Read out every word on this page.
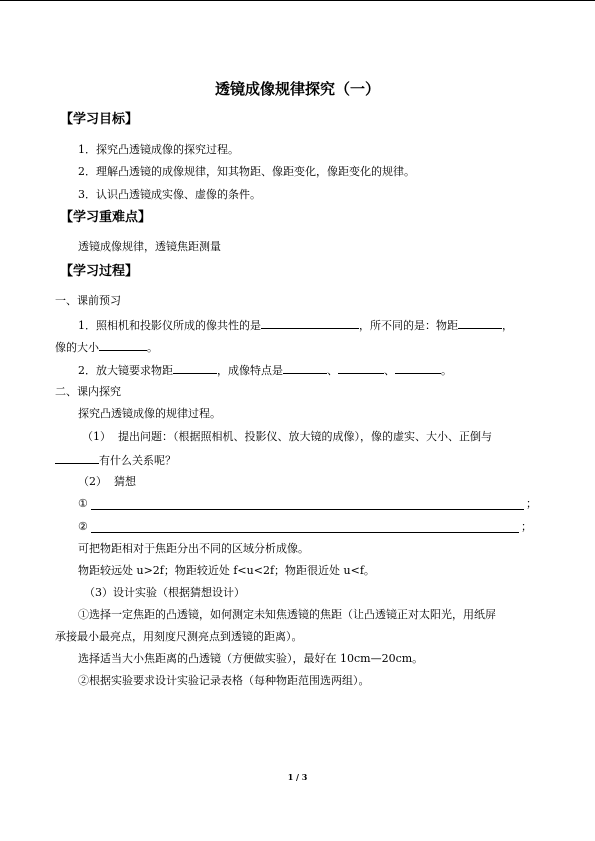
透镜成像规律探究（一）
【学习目标】
1．探究凸透镜成像的探究过程。
2．理解凸透镜的成像规律，知其物距、像距变化，像距变化的规律。
3．认识凸透镜成实像、虚像的条件。
【学习重难点】
透镜成像规律，透镜焦距测量
【学习过程】
一、课前预习
1．照相机和投影仪所成的像共性的是	，所不同的是：物距	，
像的大小	。
2．放大镜要求物距	，成像特点是	、	、	。
二、课内探究
探究凸透镜成像的规律过程。
（1）  提出问题：（根据照相机、投影仪、放大镜的成像），像的虚实、大小、正倒与
有什么关系呢？
（2）  猜想
①	；
②	；
可把物距相对于焦距分出不同的区域分析成像。
物距较远处 u>2f；物距较近处 f<u<2f；物距很近处 u<f。
（3）设计实验（根据猜想设计）
①选择一定焦距的凸透镜，如何测定未知焦透镜的焦距（让凸透镜正对太阳光，用纸屏
承接最小最亮点，用刻度尺测亮点到透镜的距离）。
选择适当大小焦距离的凸透镜（方便做实验），最好在 10cm—20cm。
②根据实验要求设计实验记录表格（每种物距范围选两组）。
1 / 3
